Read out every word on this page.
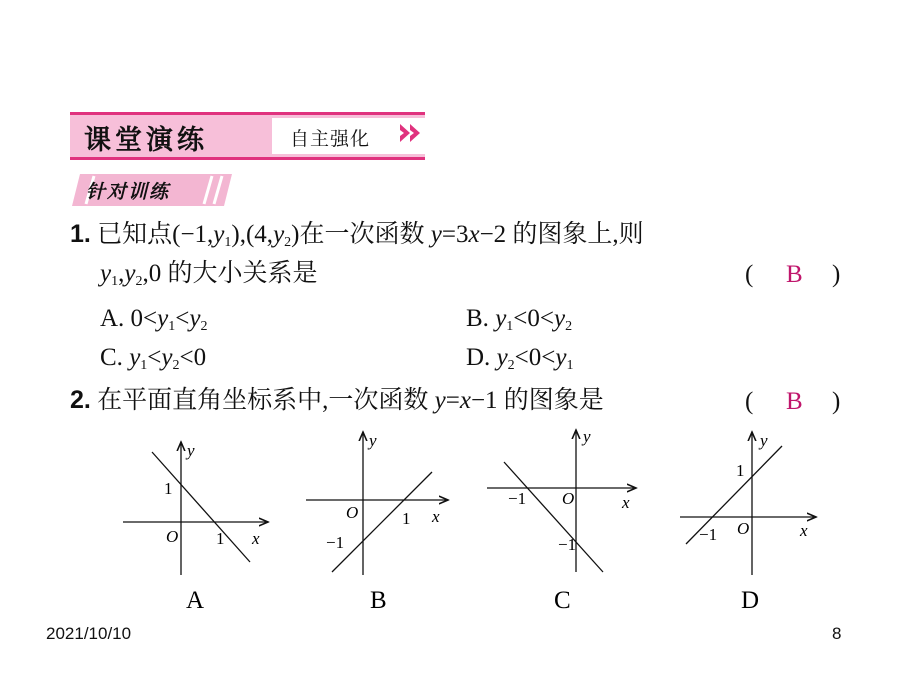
课堂演练	自主强化
针对训练
1. 已知点$(-1,y_1),(4,y_2)$在一次函数 y=3x−2 的图象上,则
$y_1,y_2,0$ 的大小关系是	( B )
A. $0<y_1<y_2$	B. $y_1<0<y_2$
C. $y_1<y_2<0$	D. $y_2<0<y_1$
2. 在平面直角坐标系中,一次函数 y=x−1 的图象是	( B )
y
x
O
1
1
A
y
x
O
−1
1
B
y
x
O
−1
−1
C
y
x
O
−1
1
D
2021/10/10	8
